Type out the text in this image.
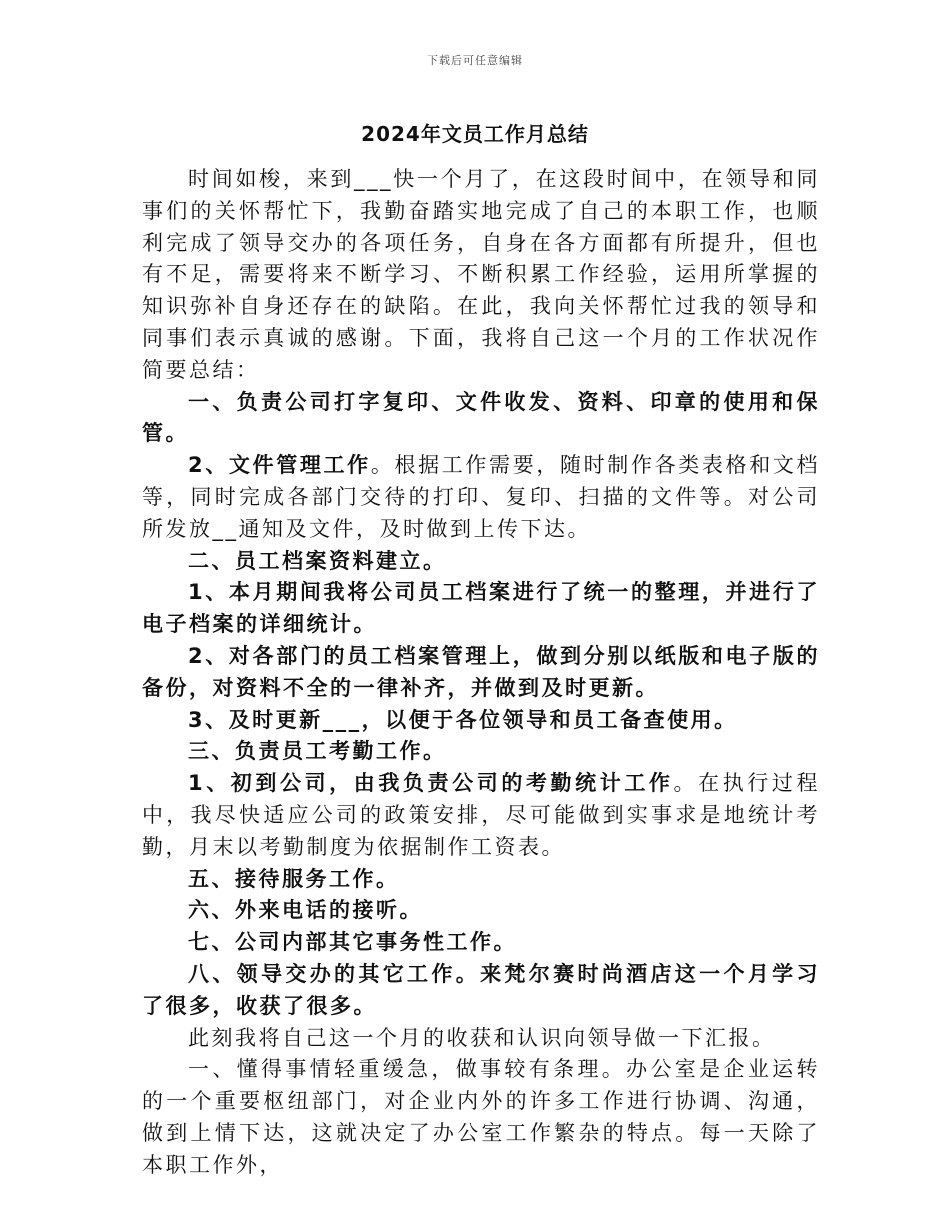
下载后可任意编辑
2024年文员工作月总结

时间如梭，来到___快一个月了，在这段时间中，在领导和同事们的关怀帮忙下，我勤奋踏实地完成了自己的本职工作，也顺利完成了领导交办的各项任务，自身在各方面都有所提升，但也有不足，需要将来不断学习、不断积累工作经验，运用所掌握的知识弥补自身还存在的缺陷。在此，我向关怀帮忙过我的领导和同事们表示真诚的感谢。下面，我将自己这一个月的工作状况作简要总结：

一、负责公司打字复印、文件收发、资料、印章的使用和保管。

2、文件管理工作。根据工作需要，随时制作各类表格和文档等，同时完成各部门交待的打印、复印、扫描的文件等。对公司所发放__通知及文件，及时做到上传下达。

二、员工档案资料建立。

1、本月期间我将公司员工档案进行了统一的整理，并进行了电子档案的详细统计。

2、对各部门的员工档案管理上，做到分别以纸版和电子版的备份，对资料不全的一律补齐，并做到及时更新。

3、及时更新___，以便于各位领导和员工备查使用。

三、负责员工考勤工作。

1、初到公司，由我负责公司的考勤统计工作。在执行过程中，我尽快适应公司的政策安排，尽可能做到实事求是地统计考勤，月末以考勤制度为依据制作工资表。

五、接待服务工作。

六、外来电话的接听。

七、公司内部其它事务性工作。

八、领导交办的其它工作。来梵尔赛时尚酒店这一个月学习了很多，收获了很多。

此刻我将自己这一个月的收获和认识向领导做一下汇报。

一、懂得事情轻重缓急，做事较有条理。办公室是企业运转的一个重要枢纽部门，对企业内外的许多工作进行协调、沟通，做到上情下达，这就决定了办公室工作繁杂的特点。每一天除了本职工作外，
